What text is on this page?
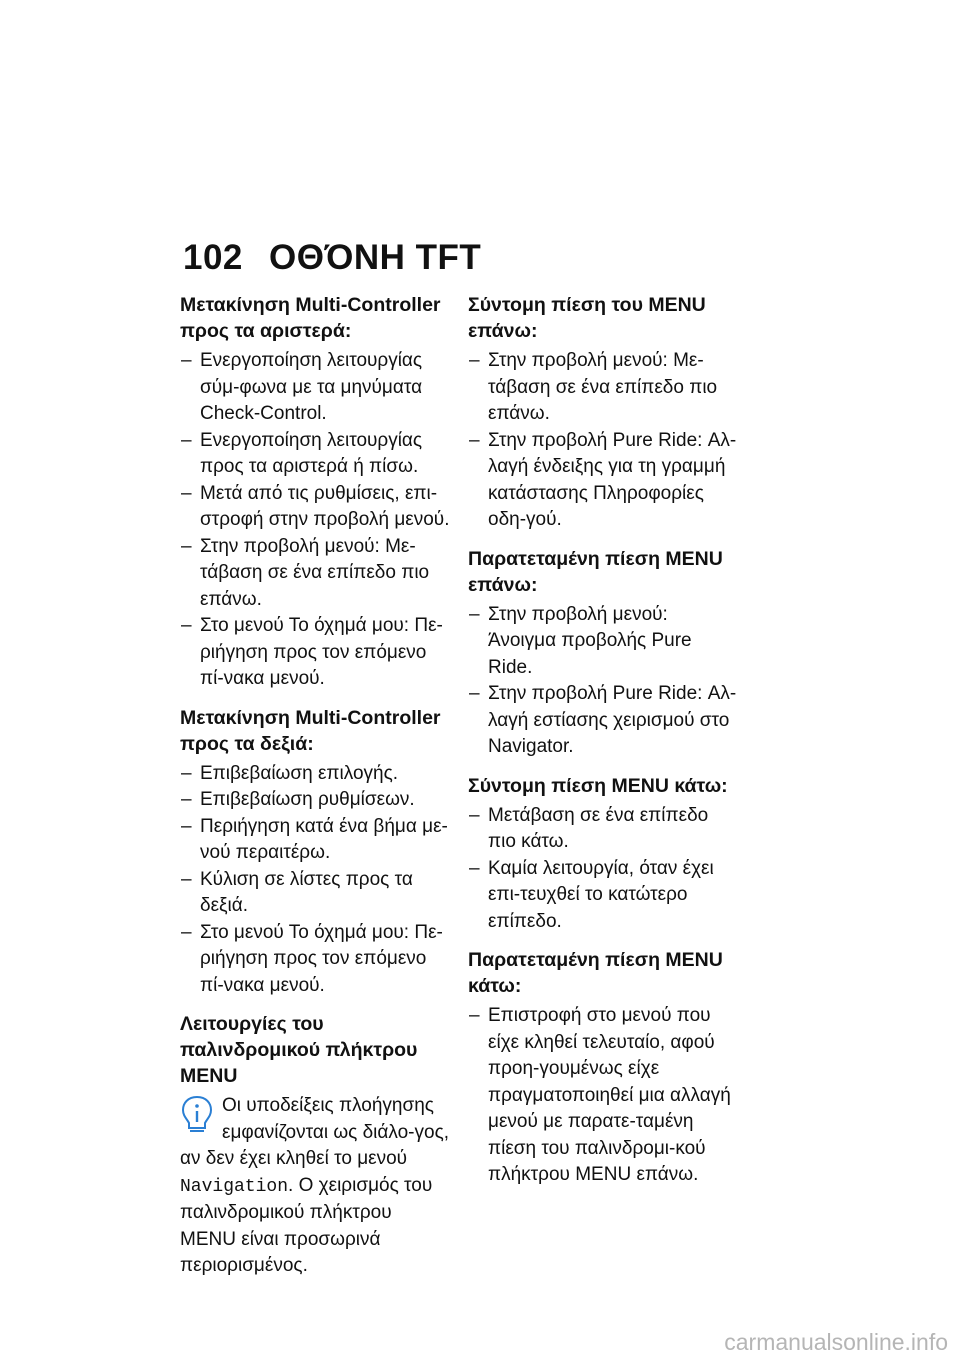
102 ΟΘΌΝΗ TFT
Μετακίνηση Multi-Controller προς τα αριστερά:
– Ενεργοποίηση λειτουργίας σύμ-φωνα με τα μηνύματα Check-Control.
– Ενεργοποίηση λειτουργίας προς τα αριστερά ή πίσω.
– Μετά από τις ρυθμίσεις, επι-στροφή στην προβολή μενού.
– Στην προβολή μενού: Με-τάβαση σε ένα επίπεδο πιο επάνω.
– Στο μενού Το όχημά μου: Πε-ριήγηση προς τον επόμενο πί-νακα μενού.
Μετακίνηση Multi-Controller προς τα δεξιά:
– Επιβεβαίωση επιλογής.
– Επιβεβαίωση ρυθμίσεων.
– Περιήγηση κατά ένα βήμα με-νού περαιτέρω.
– Κύλιση σε λίστες προς τα δεξιά.
– Στο μενού Το όχημά μου: Πε-ριήγηση προς τον επόμενο πί-νακα μενού.
Λειτουργίες του παλινδρομικού πλήκτρου MENU
Οι υποδείξεις πλοήγησης εμφανίζονται ως διάλο-γος, αν δεν έχει κληθεί το μενού Navigation. Ο χειρισμός του παλινδρομικού πλήκτρου MENU είναι προσωρινά περιορισμένος.
Σύντομη πίεση του MENU επάνω:
– Στην προβολή μενού: Με-τάβαση σε ένα επίπεδο πιο επάνω.
– Στην προβολή Pure Ride: Αλ-λαγή ένδειξης για τη γραμμή κατάστασης Πληροφορίες οδη-γού.
Παρατεταμένη πίεση MENU επάνω:
– Στην προβολή μενού: Άνοιγμα προβολής Pure Ride.
– Στην προβολή Pure Ride: Αλ-λαγή εστίασης χειρισμού στο Navigator.
Σύντομη πίεση MENU κάτω:
– Μετάβαση σε ένα επίπεδο πιο κάτω.
– Καμία λειτουργία, όταν έχει επι-τευχθεί το κατώτερο επίπεδο.
Παρατεταμένη πίεση MENU κάτω:
– Επιστροφή στο μενού που είχε κληθεί τελευταίο, αφού προη-γουμένως είχε πραγματοποιηθεί μια αλλαγή μενού με παρατε-ταμένη πίεση του παλινδρομι-κού πλήκτρου MENU επάνω.
carmanualsonline.info
